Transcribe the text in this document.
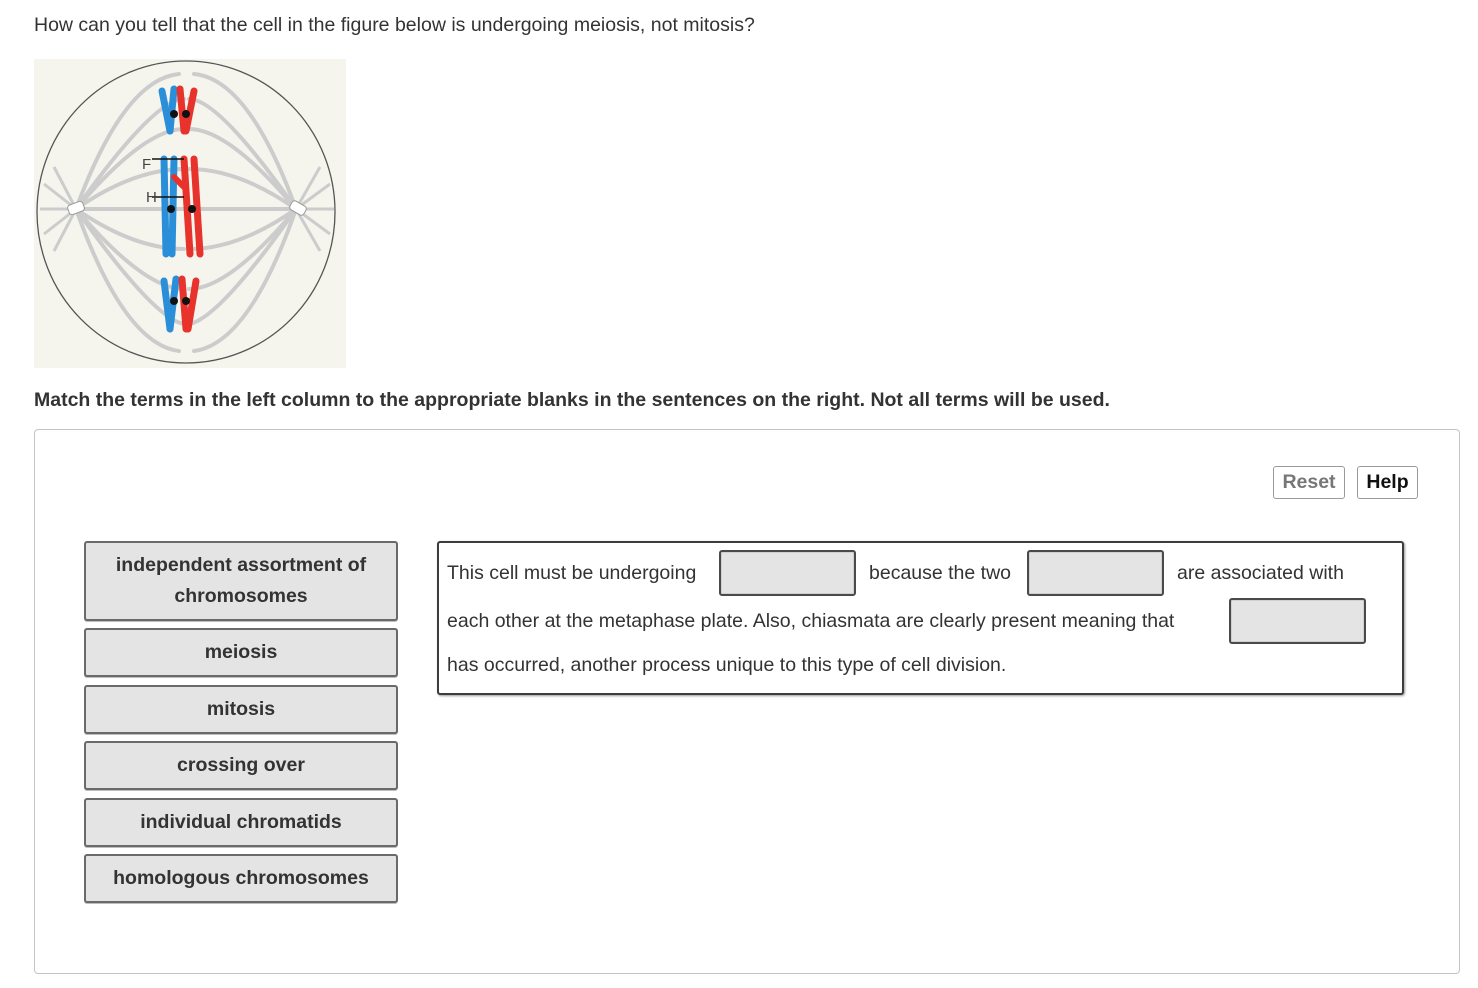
How can you tell that the cell in the figure below is undergoing meiosis, not mitosis?
F
H
Match the terms in the left column to the appropriate blanks in the sentences on the right. Not all terms will be used.
Reset	Help
independent assortment of chromosomes
meiosis
mitosis
crossing over
individual chromatids
homologous chromosomes
This cell must be undergoing	because the two	are associated with
each other at the metaphase plate. Also, chiasmata are clearly present meaning that
has occurred, another process unique to this type of cell division.
